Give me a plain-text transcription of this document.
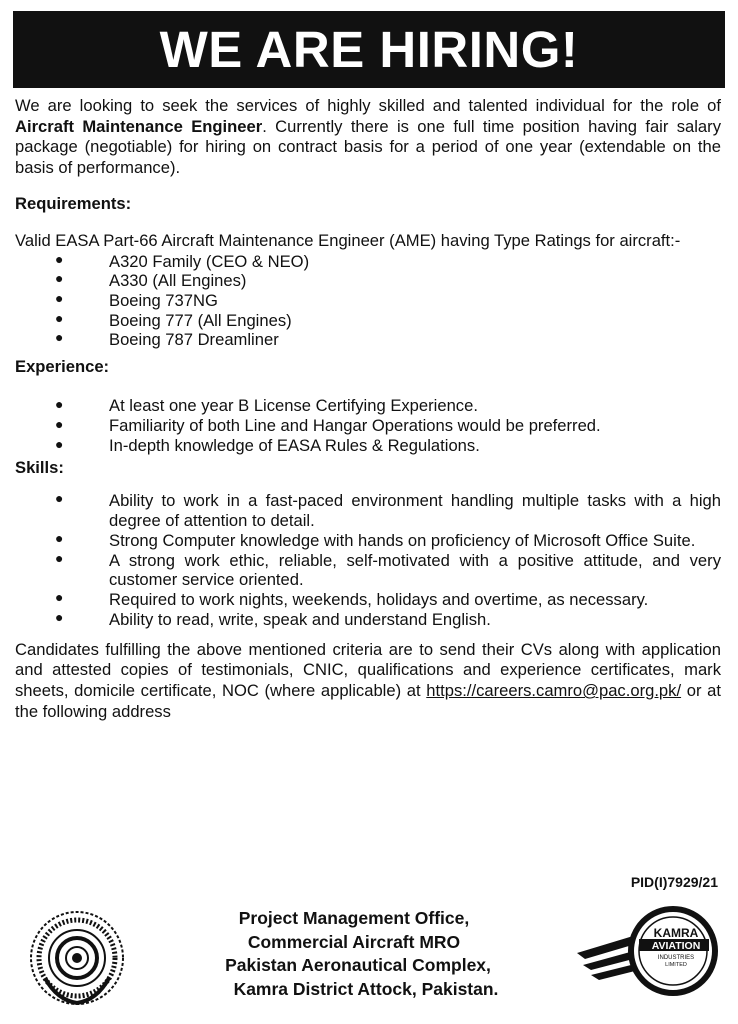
WE ARE HIRING!
We are looking to seek the services of highly skilled and talented individual for the role of Aircraft Maintenance Engineer. Currently there is one full time position having fair salary package (negotiable) for hiring on contract basis for a period of one year (extendable on the basis of performance).
Requirements:
Valid EASA Part-66 Aircraft Maintenance Engineer (AME) having Type Ratings for aircraft:-
● A320 Family (CEO & NEO)
● A330 (All Engines)
● Boeing 737NG
● Boeing 777 (All Engines)
● Boeing 787 Dreamliner
Experience:
● At least one year B License Certifying Experience.
● Familiarity of both Line and Hangar Operations would be preferred.
● In-depth knowledge of EASA Rules & Regulations.
Skills:
● Ability to work in a fast-paced environment handling multiple tasks with a high degree of attention to detail.
● Strong Computer knowledge with hands on proficiency of Microsoft Office Suite.
● A strong work ethic, reliable, self-motivated with a positive attitude, and very customer service oriented.
● Required to work nights, weekends, holidays and overtime, as necessary.
● Ability to read, write, speak and understand English.
Candidates fulfilling the above mentioned criteria are to send their CVs along with application and attested copies of testimonials, CNIC, qualifications and experience certificates, mark sheets, domicile certificate, NOC (where applicable) at https://careers.camro@pac.org.pk/ or at the following address
PID(I)7929/21
Project Management Office,
Commercial Aircraft MRO
Pakistan Aeronautical Complex,
Kamra District Attock, Pakistan.
KAMRA
AVIATION
INDUSTRIES
LIMITED
